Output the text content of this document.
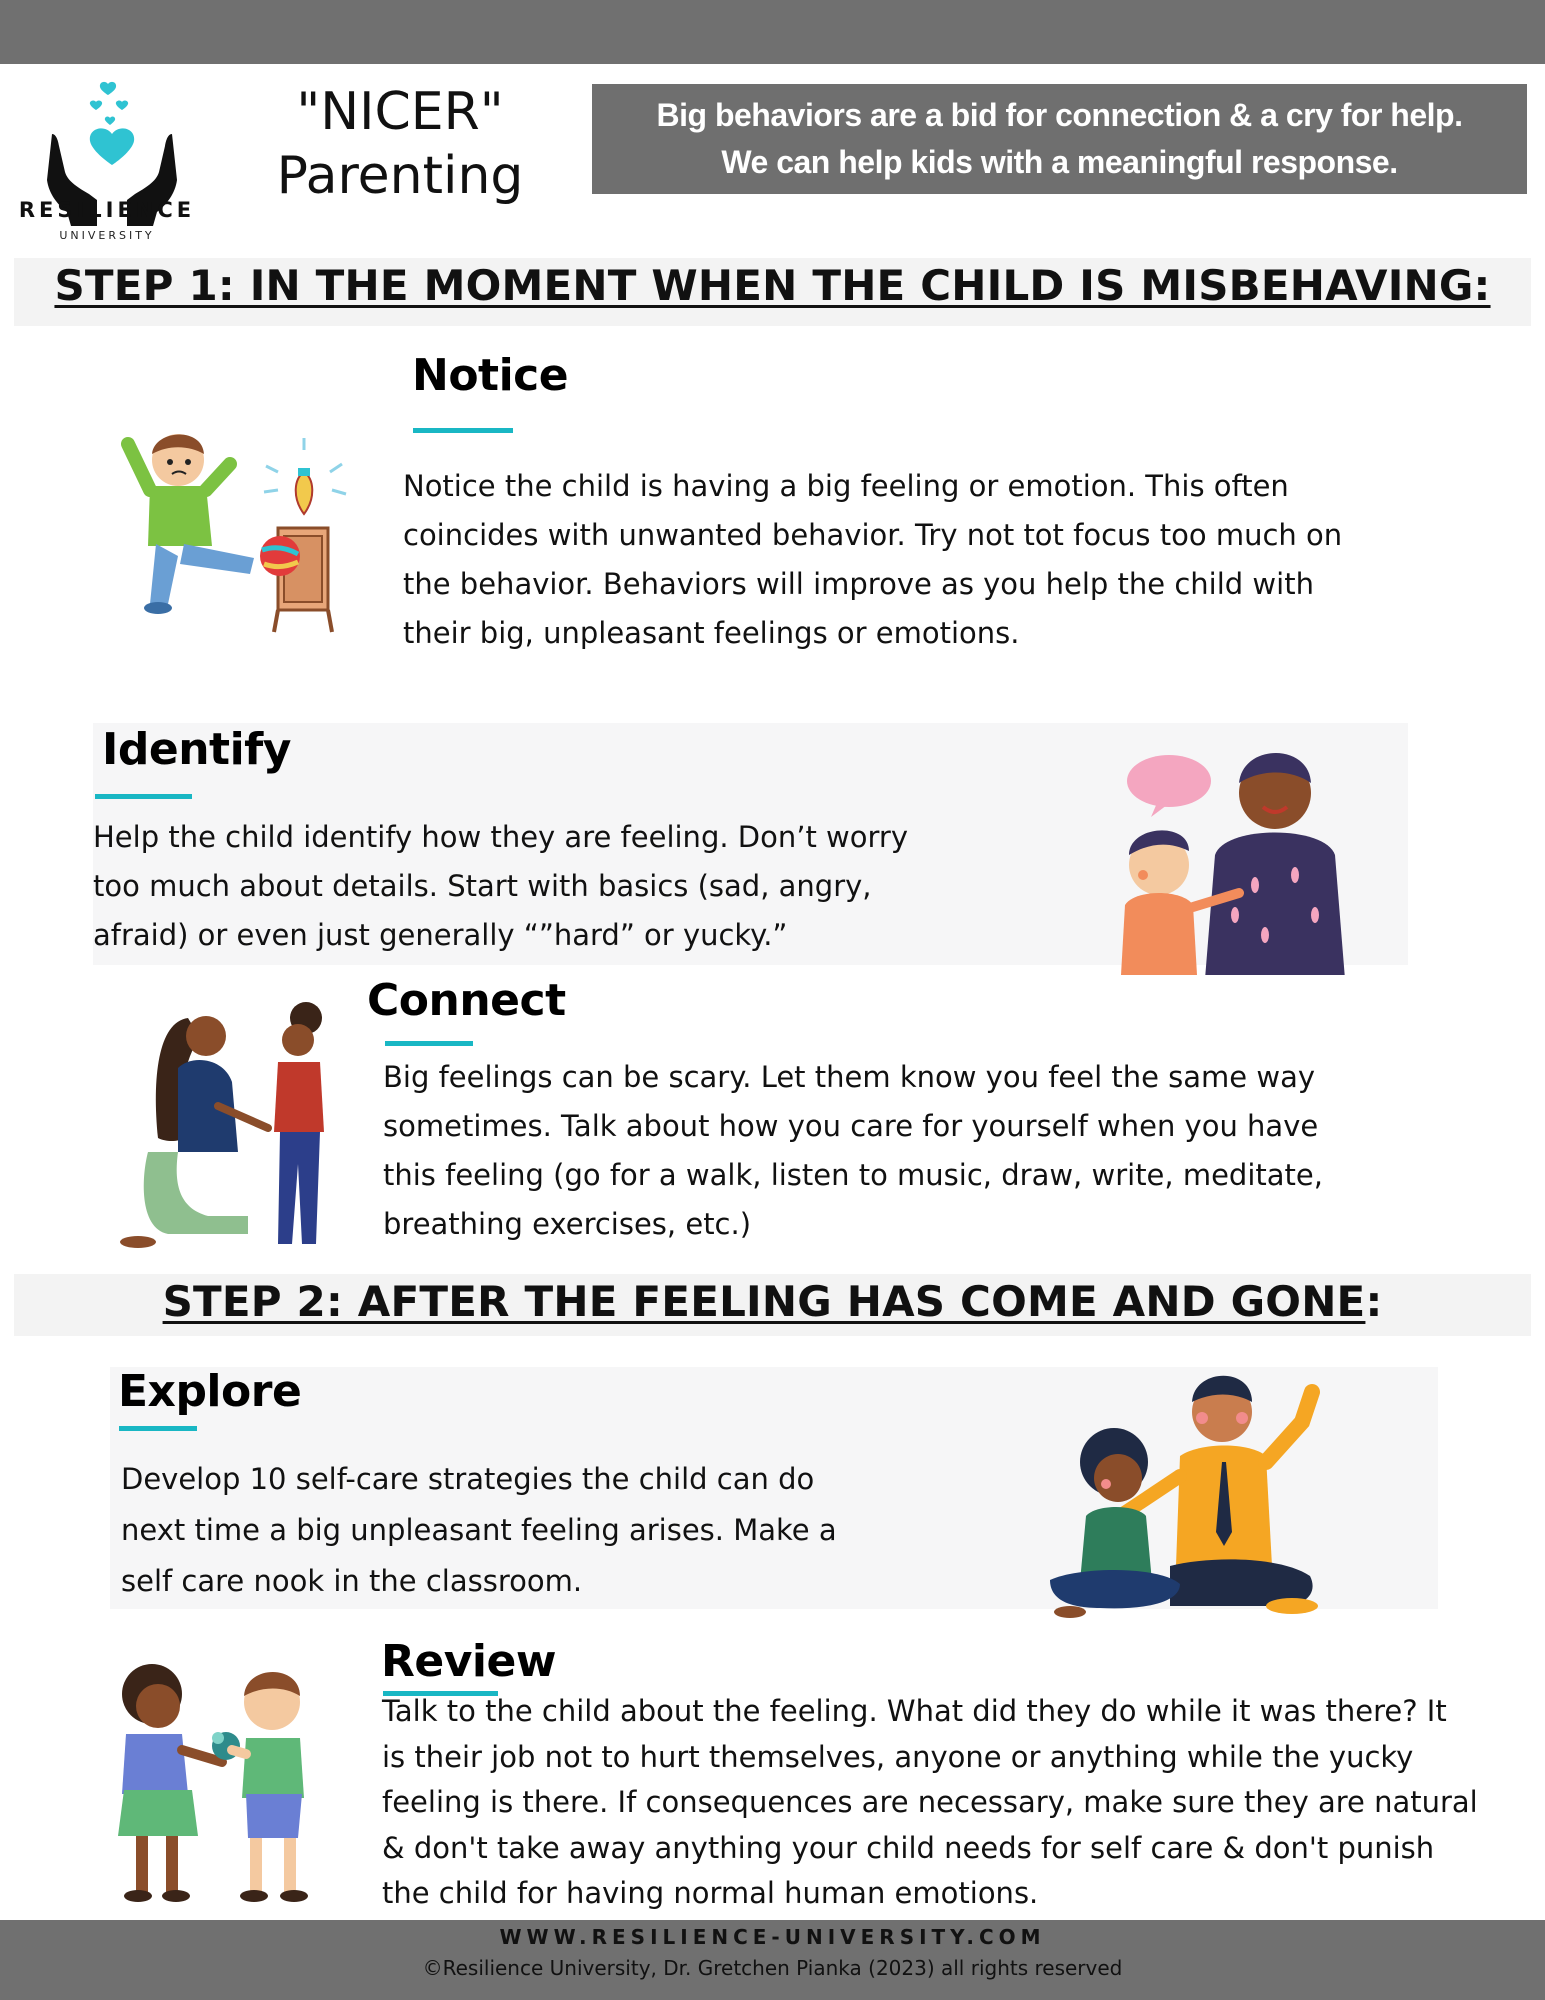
RESILIENCE
UNIVERSITY
"NICER"
Parenting
Big behaviors are a bid for connection & a cry for help.
We can help kids with a meaningful response.
STEP 1: IN THE MOMENT WHEN THE CHILD IS MISBEHAVING:
Notice
Notice the child is having a big feeling or emotion. This often
coincides with unwanted behavior. Try not tot focus too much on
the behavior. Behaviors will improve as you help the child with
their big, unpleasant feelings or emotions.
Identify
Help the child identify how they are feeling. Don’t worry
too much about details. Start with basics (sad, angry,
afraid) or even just generally “”hard” or yucky.”
Connect
Big feelings can be scary. Let them know you feel the same way
sometimes. Talk about how you care for yourself when you have
this feeling (go for a walk, listen to music, draw, write, meditate,
breathing exercises, etc.)
STEP 2: AFTER THE FEELING HAS COME AND GONE:
Explore
Develop 10 self-care strategies the child can do
next time a big unpleasant feeling arises. Make a
self care nook in the classroom.
Review
Talk to the child about the feeling. What did they do while it was there? It
is their job not to hurt themselves, anyone or anything while the yucky
feeling is there. If consequences are necessary, make sure they are natural
& don't take away anything your child needs for self care & don't punish
the child for having normal human emotions.
WWW.RESILIENCE-UNIVERSITY.COM
©Resilience University, Dr. Gretchen Pianka (2023) all rights reserved
